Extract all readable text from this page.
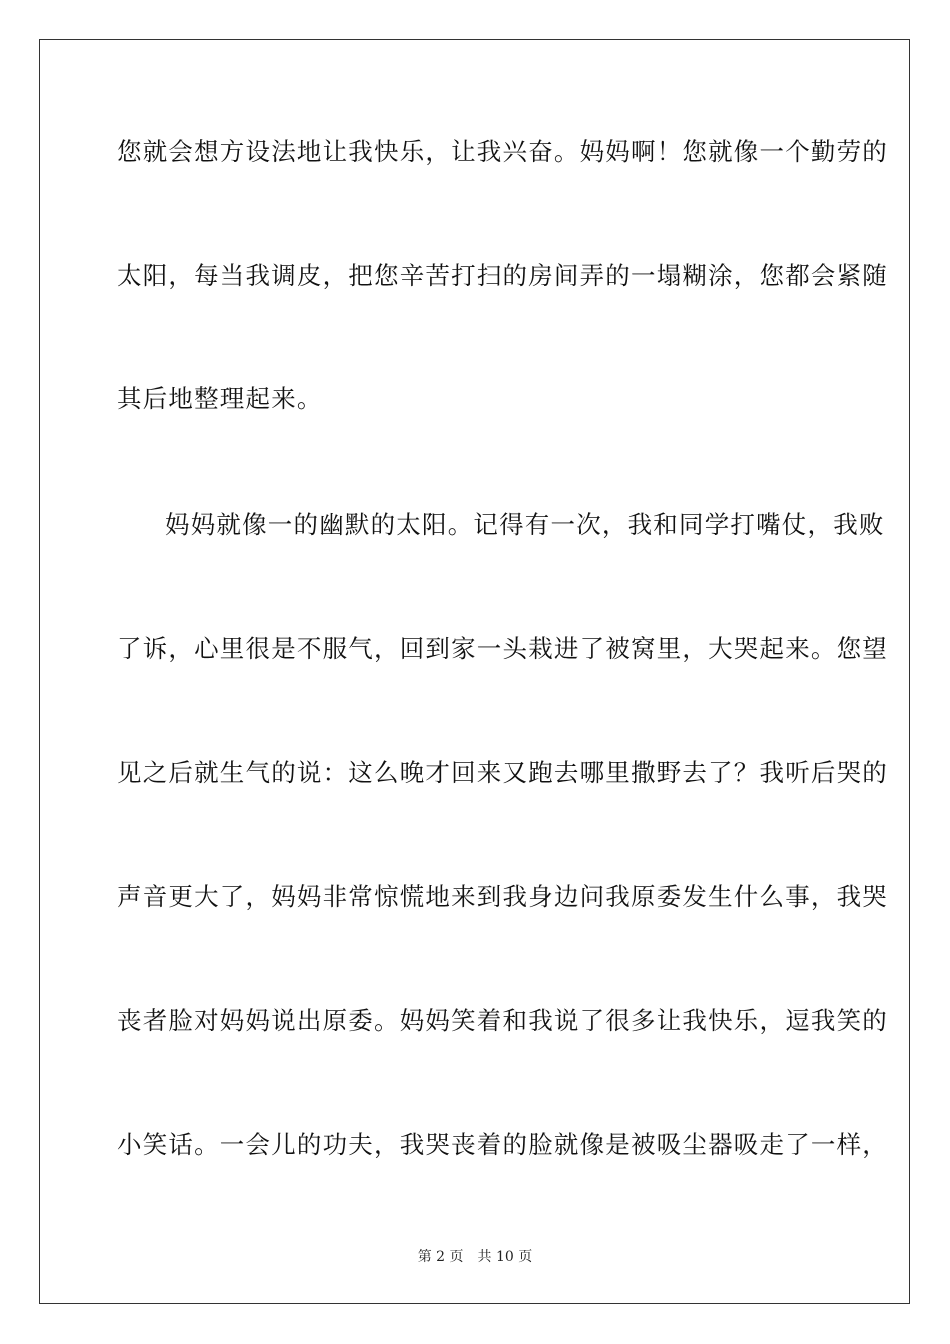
您就会想方设法地让我快乐，让我兴奋。妈妈啊！您就像一个勤劳的
太阳，每当我调皮，把您辛苦打扫的房间弄的一塌糊涂，您都会紧随
其后地整理起来。
妈妈就像一的幽默的太阳。记得有一次，我和同学打嘴仗，我败
了诉，心里很是不服气，回到家一头栽进了被窝里，大哭起来。您望
见之后就生气的说：这么晚才回来又跑去哪里撒野去了？我听后哭的
声音更大了，妈妈非常惊慌地来到我身边问我原委发生什么事，我哭
丧者脸对妈妈说出原委。妈妈笑着和我说了很多让我快乐，逗我笑的
小笑话。一会儿的功夫，我哭丧着的脸就像是被吸尘器吸走了一样，
第 2 页　共 10 页
